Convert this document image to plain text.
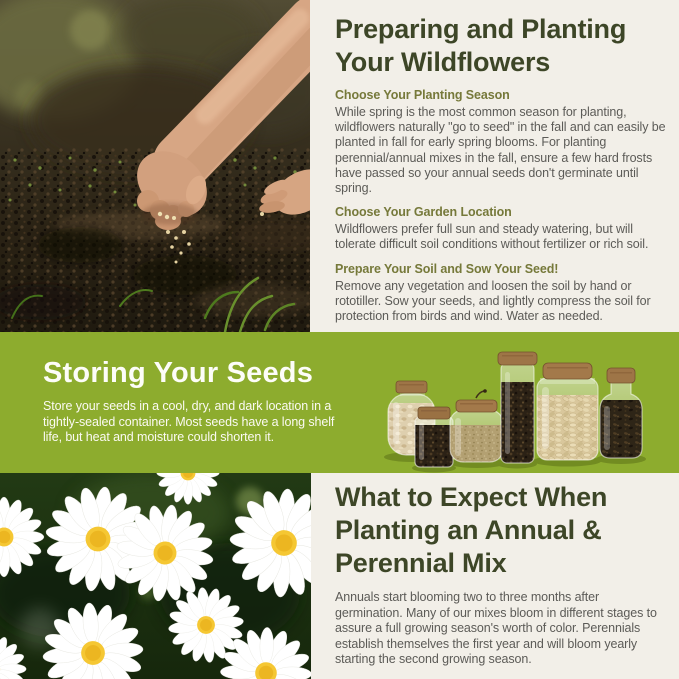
Preparing and Planting
Your Wildflowers
Choose Your Planting Season

While spring is the most common season for planting,
wildflowers naturally "go to seed" in the fall and can easily be
planted in fall for early spring blooms. For planting
perennial/annual mixes in the fall, ensure a few hard frosts
have passed so your annual seeds don't germinate until
spring.

Choose Your Garden Location

Wildflowers prefer full sun and steady watering, but will
tolerate difficult soil conditions without fertilizer or rich soil.

Prepare Your Soil and Sow Your Seed!

Remove any vegetation and loosen the soil by hand or
rototiller. Sow your seeds, and lightly compress the soil for
protection from birds and wind. Water as needed.

Storing Your Seeds

Store your seeds in a cool, dry, and dark location in a
tightly-sealed container. Most seeds have a long shelf
life, but heat and moisture could shorten it.

What to Expect When
Planting an Annual &
Perennial Mix

Annuals start blooming two to three months after
germination. Many of our mixes bloom in different stages to
assure a full growing season's worth of color. Perennials
establish themselves the first year and will bloom yearly
starting the second growing season.
